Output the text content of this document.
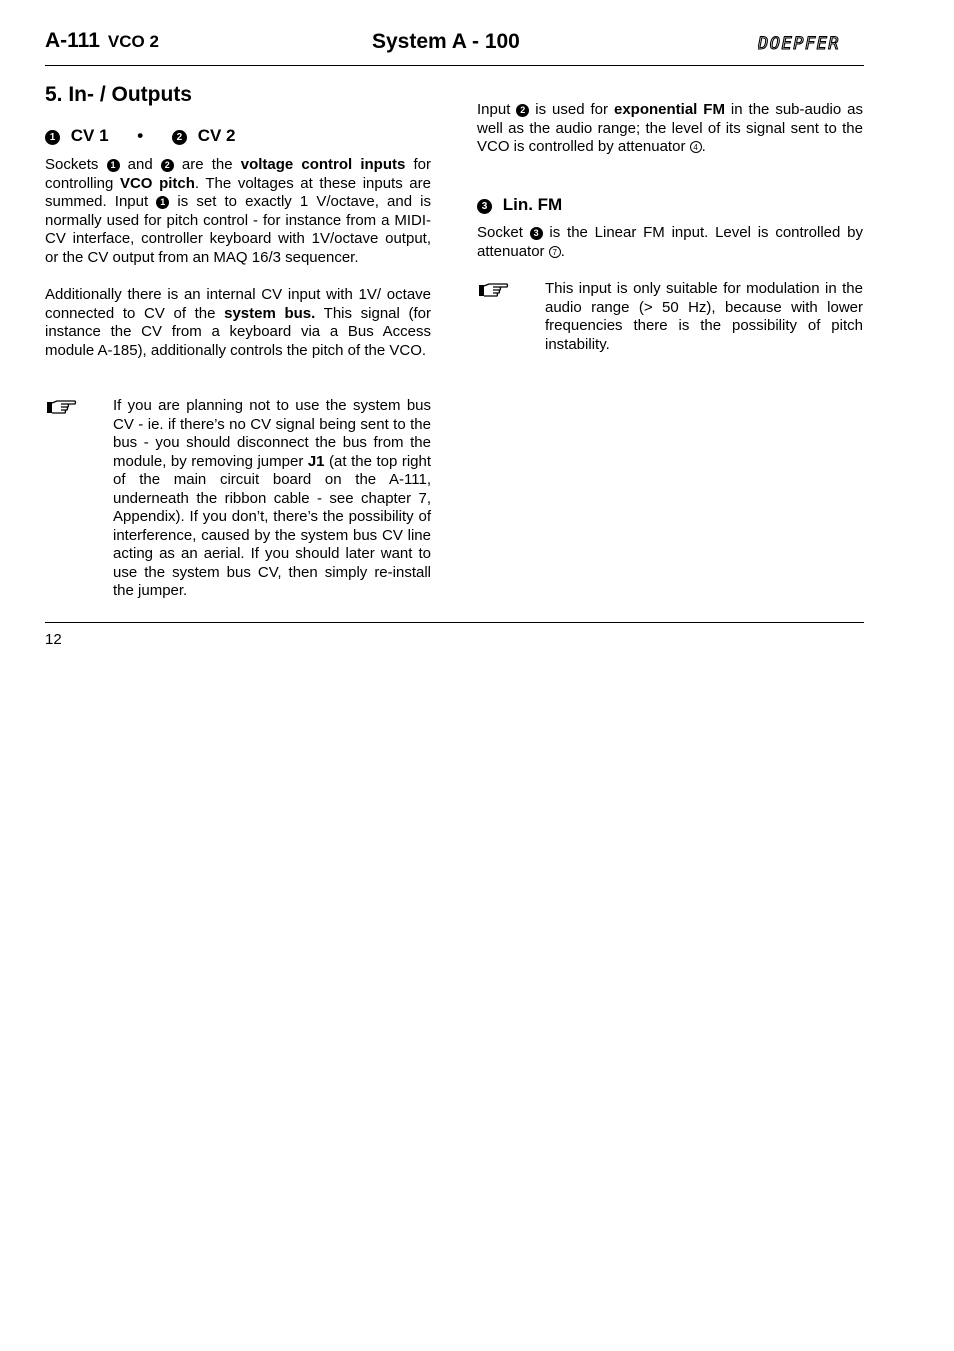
A-111 VCO 2	System A - 100	DOEPFER
5. In- / Outputs
1 CV 1 •	2 CV 2

Sockets 1 and 2 are the voltage control inputs for controlling VCO pitch. The voltages at these inputs are summed. Input 1 is set to exactly 1 V/octave, and is normally used for pitch control - for instance from a MIDI-CV interface, controller keyboard with 1V/octave output, or the CV output from an MAQ 16/3 sequencer.

Additionally there is an internal CV input with 1V/ octave connected to CV of the system bus. This signal (for instance the CV from a keyboard via a Bus Access module A-185), additionally controls the pitch of the VCO.

If you are planning not to use the system bus CV - ie. if there’s no CV signal being sent to the bus - you should disconnect the bus from the module, by removing jumper J1 (at the top right of the main circuit board on the A-111, underneath the ribbon cable - see chapter 7, Appendix). If you don’t, there’s the possibility of interference, caused by the system bus CV line acting as an aerial. If you should later want to use the system bus CV, then simply re-install the jumper.

Input 2 is used for exponential FM in the sub-audio as well as the audio range; the level of its signal sent to the VCO is controlled by attenuator 4 .

3 Lin. FM

Socket 3 is the Linear FM input. Level is controlled by attenuator 7 .

This input is only suitable for modulation in the audio range (> 50 Hz), because with lower frequencies there is the possibility of pitch instability.

12
